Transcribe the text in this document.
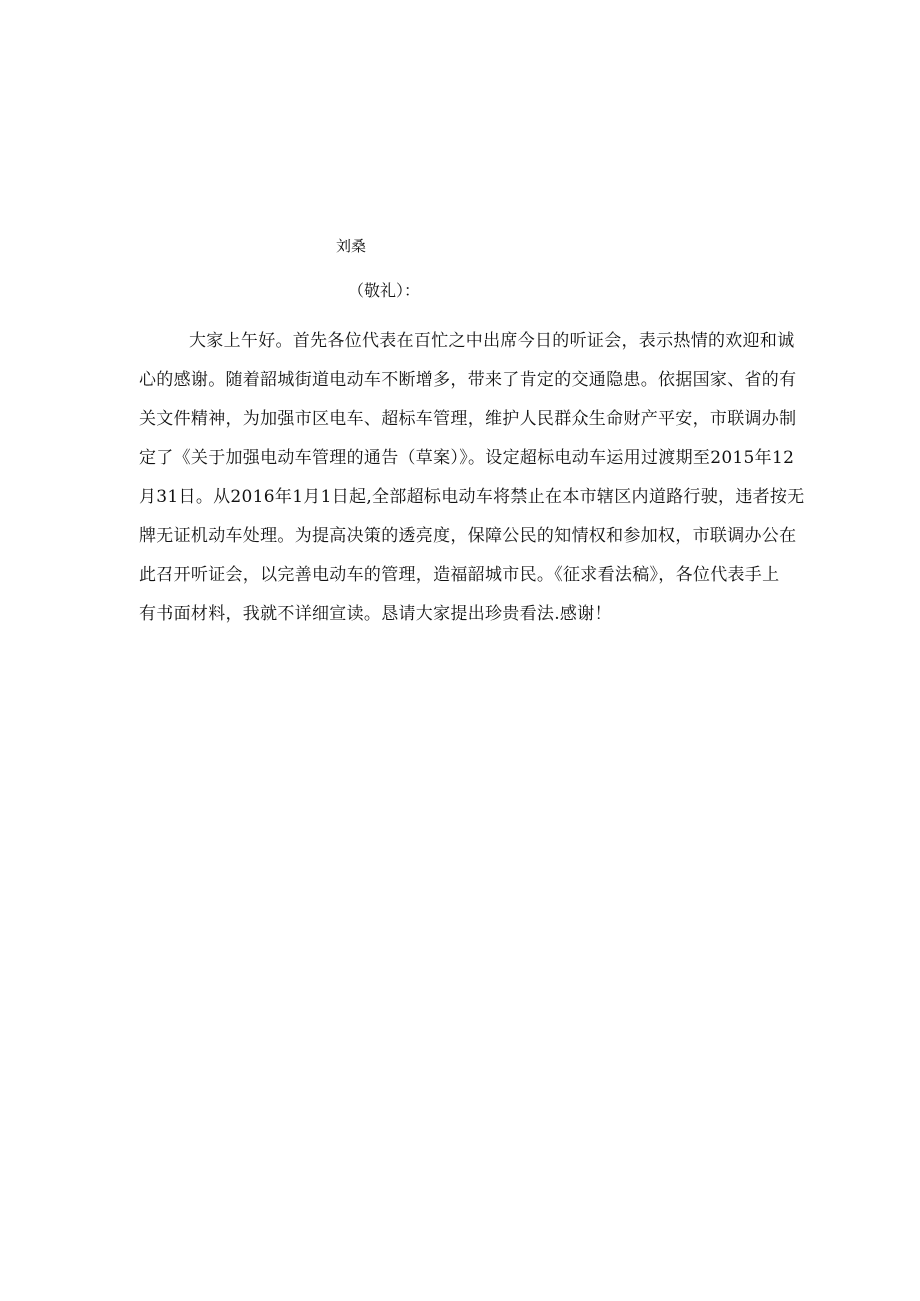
刘桑
（敬礼）：
大家上午好。首先各位代表在百忙之中出席今日的听证会，表示热情的欢迎和诚
心的感谢。随着韶城街道电动车不断增多，带来了肯定的交通隐患。依据国家、省的有
关文件精神，为加强市区电车、超标车管理，维护人民群众生命财产平安，市联调办制
定了《关于加强电动车管理的通告（草案）》。设定超标电动车运用过渡期至2015年12
月31日。从2016年1月1日起,全部超标电动车将禁止在本市辖区内道路行驶，违者按无
牌无证机动车处理。为提高决策的透亮度，保障公民的知情权和参加权，市联调办公在
此召开听证会，以完善电动车的管理，造福韶城市民。《征求看法稿》，各位代表手上
有书面材料，我就不详细宣读。恳请大家提出珍贵看法.感谢！
